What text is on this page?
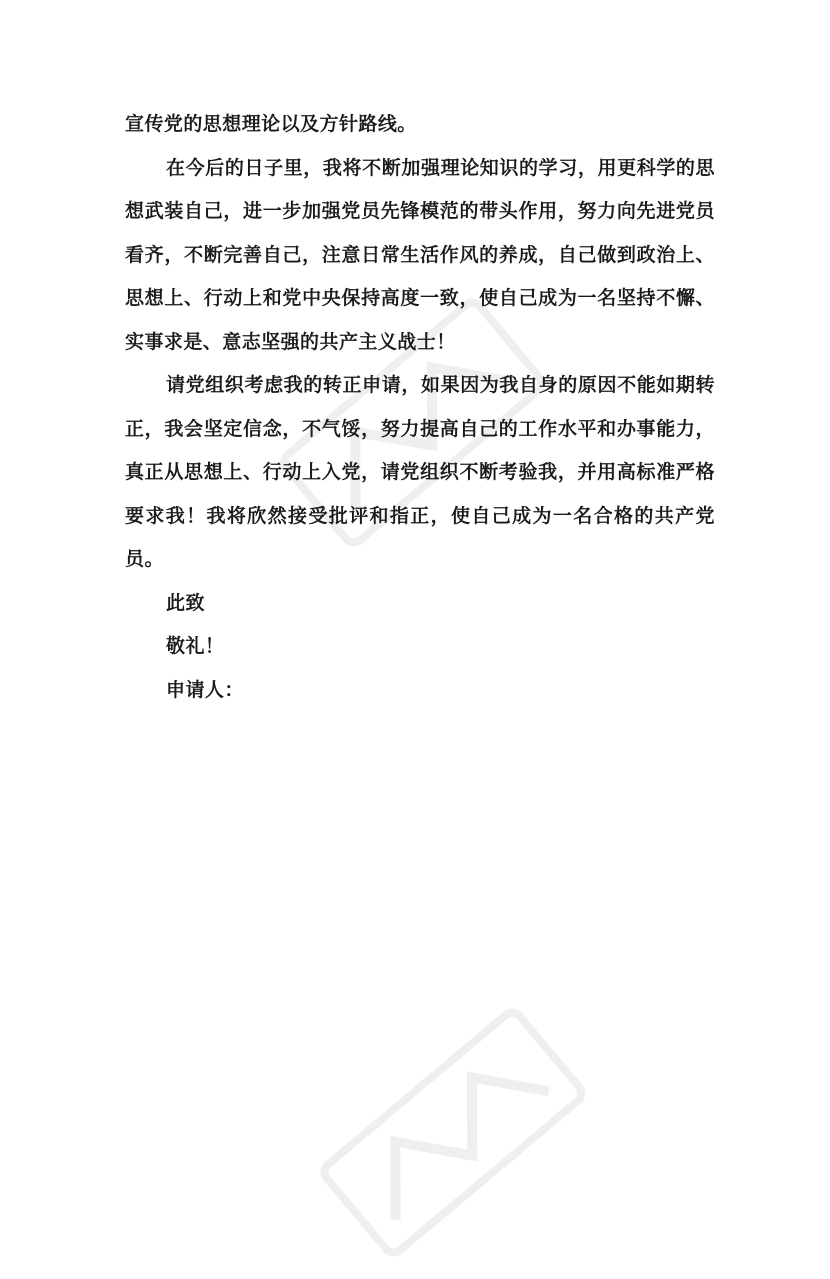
宣传党的思想理论以及方针路线。

在今后的日子里，我将不断加强理论知识的学习，用更科学的思想武装自己，进一步加强党员先锋模范的带头作用，努力向先进党员看齐，不断完善自己，注意日常生活作风的养成，自己做到政治上、思想上、行动上和党中央保持高度一致，使自己成为一名坚持不懈、实事求是、意志坚强的共产主义战士！

请党组织考虑我的转正申请，如果因为我自身的原因不能如期转正，我会坚定信念，不气馁，努力提高自己的工作水平和办事能力，真正从思想上、行动上入党，请党组织不断考验我，并用高标准严格要求我！我将欣然接受批评和指正，使自己成为一名合格的共产党员。

此致

敬礼！

申请人：
